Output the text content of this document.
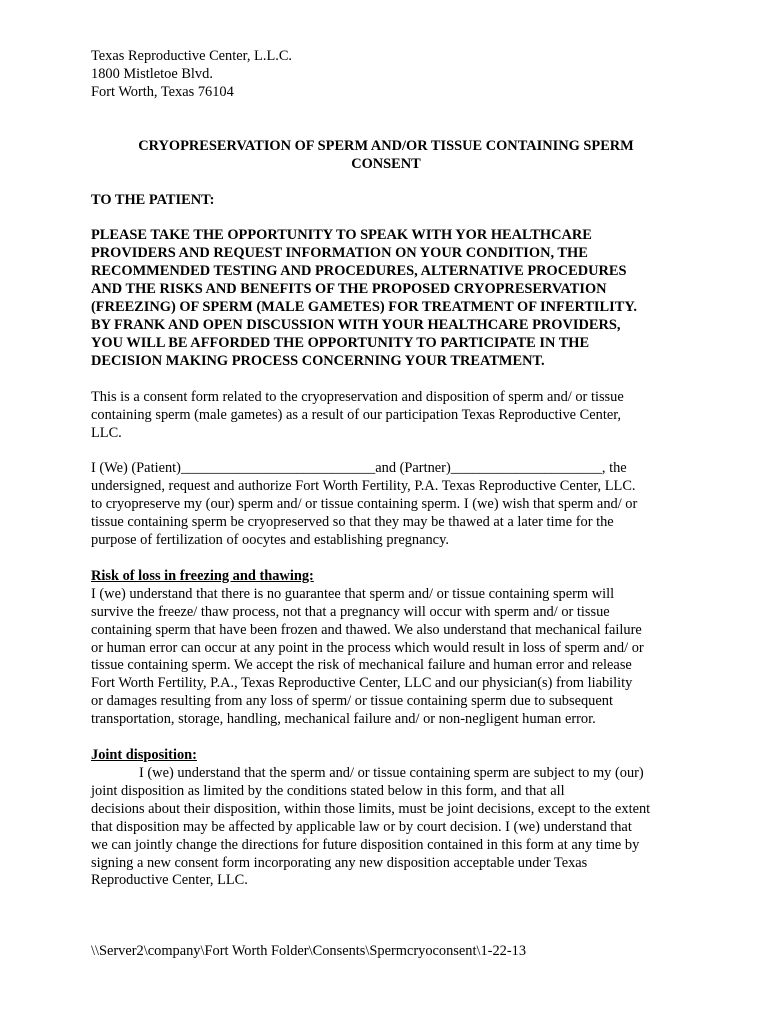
Texas Reproductive Center, L.L.C.
1800 Mistletoe Blvd.
Fort Worth, Texas 76104
CRYOPRESERVATION OF SPERM AND/OR TISSUE CONTAINING SPERM
CONSENT
TO THE PATIENT:
PLEASE TAKE THE OPPORTUNITY TO SPEAK WITH YOR HEALTHCARE
PROVIDERS AND REQUEST INFORMATION ON YOUR CONDITION, THE
RECOMMENDED TESTING AND PROCEDURES, ALTERNATIVE PROCEDURES
AND THE RISKS AND BENEFITS OF THE PROPOSED CRYOPRESERVATION
(FREEZING) OF SPERM (MALE GAMETES) FOR TREATMENT OF INFERTILITY.
BY FRANK AND OPEN DISCUSSION WITH YOUR HEALTHCARE PROVIDERS,
YOU WILL BE AFFORDED THE OPPORTUNITY TO PARTICIPATE IN THE
DECISION MAKING PROCESS CONCERNING YOUR TREATMENT.
This is a consent form related to the cryopreservation and disposition of sperm and/ or tissue
containing sperm (male gametes) as a result of our participation Texas Reproductive Center,
LLC.
I (We) (Patient)___________________________and (Partner)_____________________, the
undersigned, request and authorize Fort Worth Fertility, P.A. Texas Reproductive Center, LLC.
to cryopreserve my (our) sperm and/ or tissue containing sperm. I (we) wish that sperm and/ or
tissue containing sperm be cryopreserved so that they may be thawed at a later time for the
purpose of fertilization of oocytes and establishing pregnancy.
Risk of loss in freezing and thawing:
I (we) understand that there is no guarantee that sperm and/ or tissue containing sperm will
survive the freeze/ thaw process, not that a pregnancy will occur with sperm and/ or tissue
containing sperm that have been frozen and thawed. We also understand that mechanical failure
or human error can occur at any point in the process which would result in loss of sperm and/ or
tissue containing sperm. We accept the risk of mechanical failure and human error and release
Fort Worth Fertility, P.A., Texas Reproductive Center, LLC and our physician(s) from liability
or damages resulting from any loss of sperm/ or tissue containing sperm due to subsequent
transportation, storage, handling, mechanical failure and/ or non-negligent human error.
Joint disposition:
I (we) understand that the sperm and/ or tissue containing sperm are subject to my (our)
joint disposition as limited by the conditions stated below in this form, and that all
decisions about their disposition, within those limits, must be joint decisions, except to the extent
that disposition may be affected by applicable law or by court decision. I (we) understand that
we can jointly change the directions for future disposition contained in this form at any time by
signing a new consent form incorporating any new disposition acceptable under Texas
Reproductive Center, LLC.
\\Server2\company\Fort Worth Folder\Consents\Spermcryoconsent\1-22-13
